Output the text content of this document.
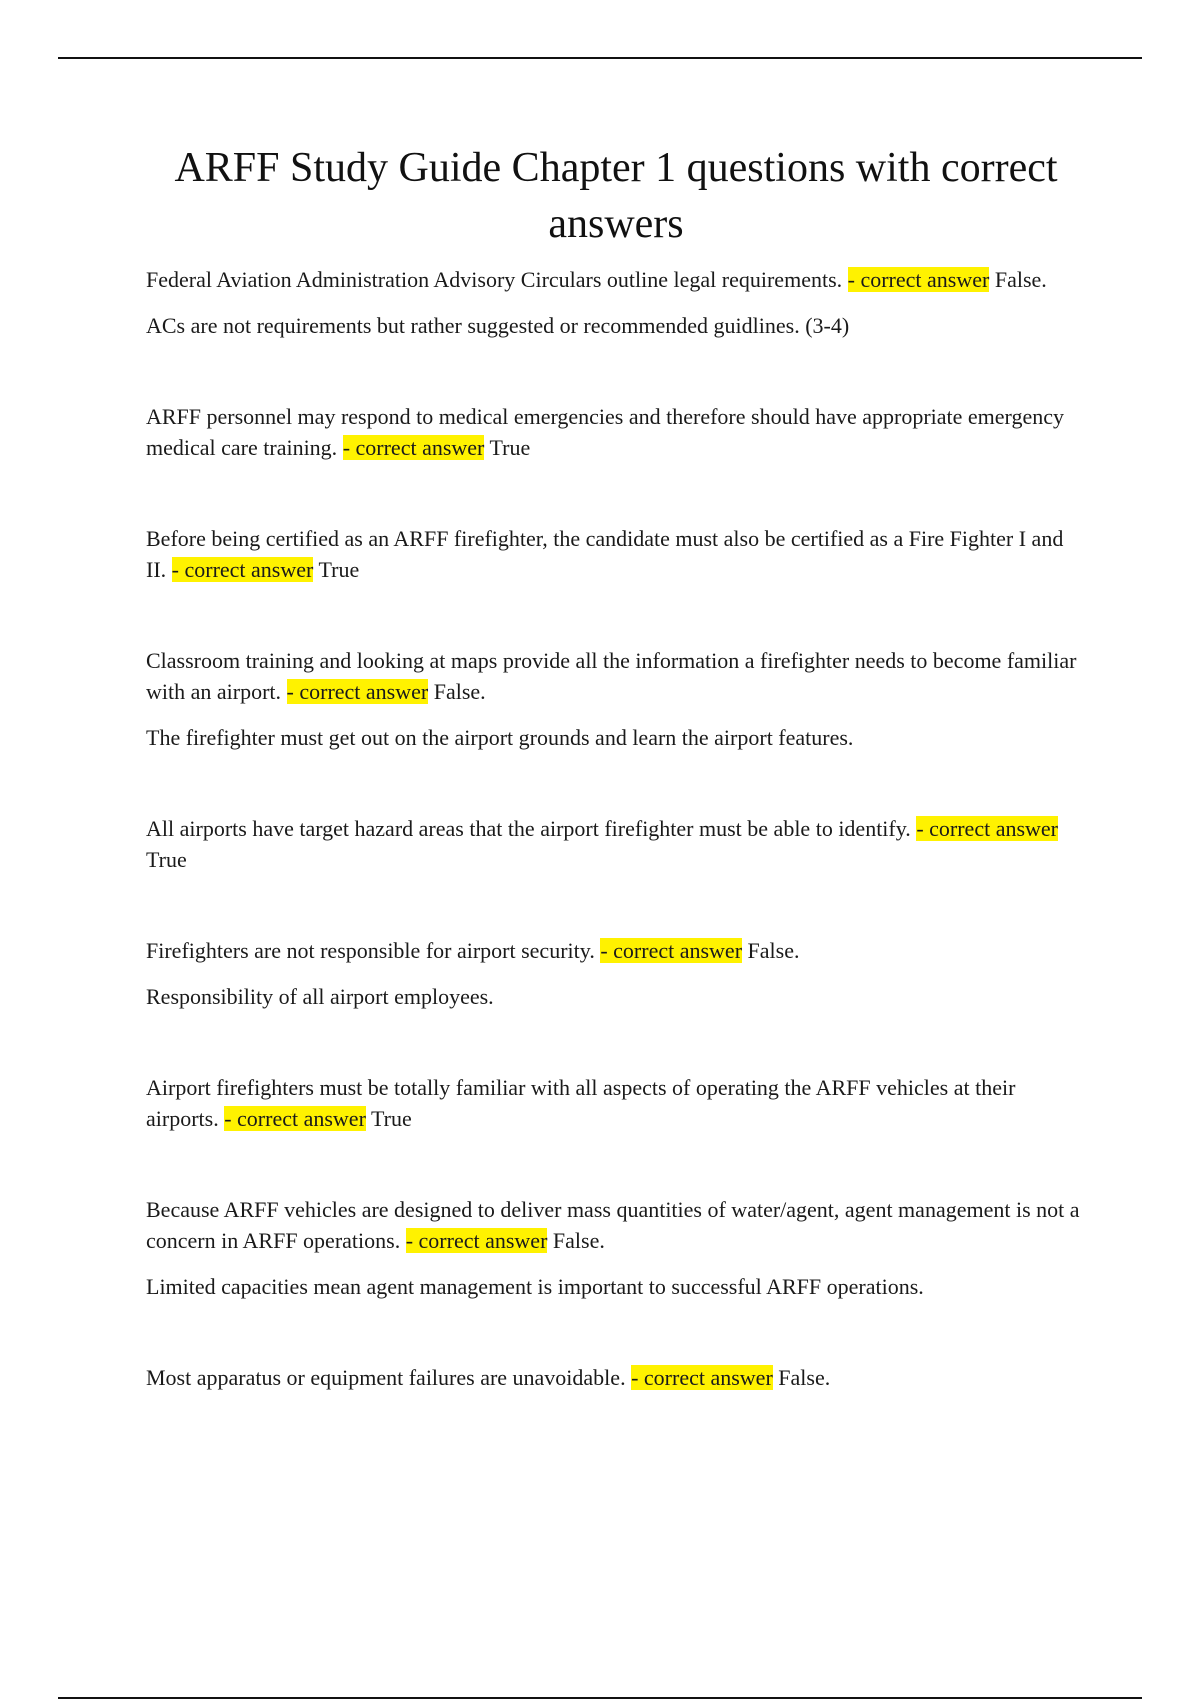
ARFF Study Guide Chapter 1 questions with correct answers

Federal Aviation Administration Advisory Circulars outline legal requirements. - correct answer False.

ACs are not requirements but rather suggested or recommended guidlines. (3-4)

ARFF personnel may respond to medical emergencies and therefore should have appropriate emergency medical care training. - correct answer True

Before being certified as an ARFF firefighter, the candidate must also be certified as a Fire Fighter I and II. - correct answer True

Classroom training and looking at maps provide all the information a firefighter needs to become familiar with an airport. - correct answer False.

The firefighter must get out on the airport grounds and learn the airport features.

All airports have target hazard areas that the airport firefighter must be able to identify. - correct answer True

Firefighters are not responsible for airport security. - correct answer False.

Responsibility of all airport employees.

Airport firefighters must be totally familiar with all aspects of operating the ARFF vehicles at their airports. - correct answer True

Because ARFF vehicles are designed to deliver mass quantities of water/agent, agent management is not a concern in ARFF operations. - correct answer False.

Limited capacities mean agent management is important to successful ARFF operations.

Most apparatus or equipment failures are unavoidable. - correct answer False.
